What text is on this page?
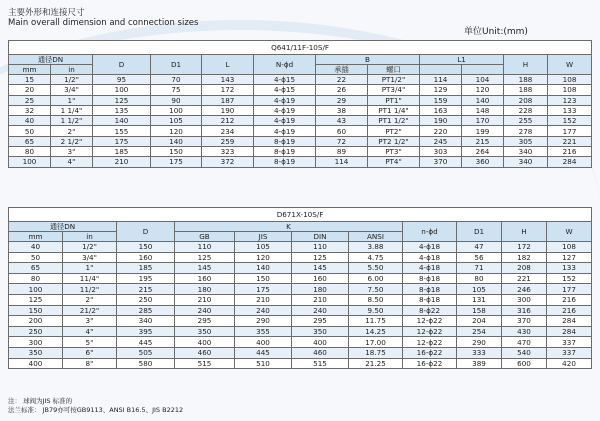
主要外形和连接尺寸
Main overall dimension and connection sizes
单位Unit:(mm)
Q641/11F-10S/F											
通径DN		D	D1	L	N-ϕd	B		L1		H	W
mm	in					承插	螺口				
15	1/2"	95	70	143	4-ϕ15	22	PT1/2"	114	104	188	108
20	3/4"	100	75	172	4-ϕ15	26	PT3/4"	129	120	188	108
25	1"	125	90	187	4-ϕ19	29	PT1"	159	140	208	123
32	1 1/4"	135	100	190	4-ϕ19	38	PT1 1/4"	163	148	228	133
40	1 1/2"	140	105	212	4-ϕ19	43	PT1 1/2"	190	170	255	152
50	2"	155	120	234	4-ϕ19	60	PT2"	220	199	278	177
65	2 1/2"	175	140	259	8-ϕ19	72	PT2 1/2"	245	215	305	221
80	3"	185	150	323	8-ϕ19	89	PT3"	303	264	340	216
100	4"	210	175	372	8-ϕ19	114	PT4"	370	360	340	284
D671X-10S/F										
通径DN		D	K				n-ϕd	D1	H	W
mm	in		GB	JIS	DIN	ANSI				
40	1/2"	150	110	105	110	3.88	4-ϕ18	47	172	108
50	3/4"	160	125	120	125	4.75	4-ϕ18	56	182	127
65	1"	185	145	140	145	5.50	4-ϕ18	71	208	133
80	11/4"	195	160	150	160	6.00	8-ϕ18	80	221	152
100	11/2"	215	180	175	180	7.50	8-ϕ18	105	246	177
125	2"	250	210	210	210	8.50	8-ϕ18	131	300	216
150	21/2"	285	240	240	240	9.50	8-ϕ22	158	316	216
200	3"	340	295	290	295	11.75	12-ϕ22	204	370	284
250	4"	395	350	355	350	14.25	12-ϕ22	254	430	284
300	5"	445	400	400	400	17.00	12-ϕ22	290	470	337
350	6"	505	460	445	460	18.75	16-ϕ22	333	540	337
400	8"	580	515	510	515	21.25	16-ϕ22	389	600	420
注： 球阀为JIS 标准的
法兰标准： JB79亦可按GB9113、ANSI B16.5、JIS B2212
